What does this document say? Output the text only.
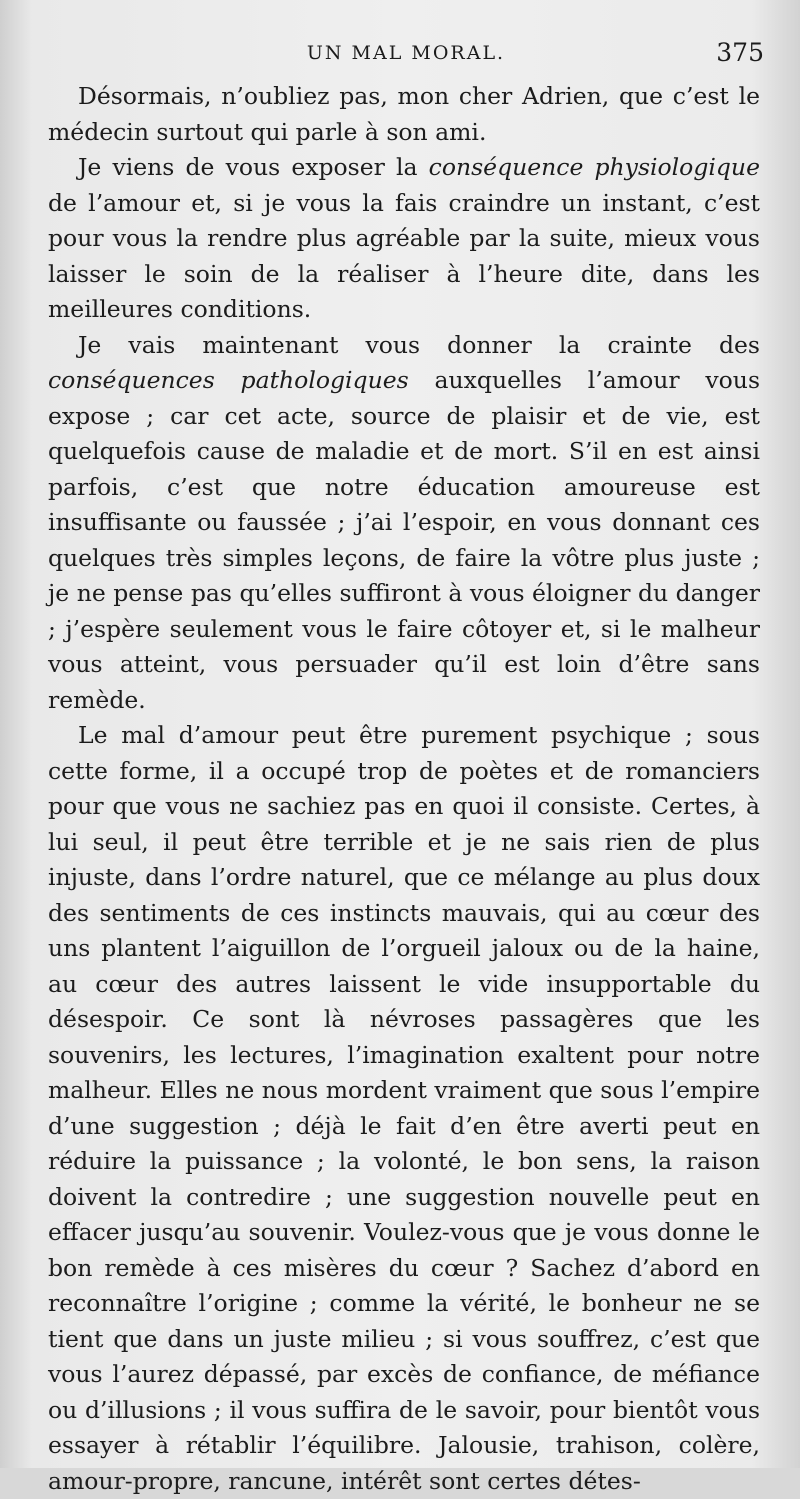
UN MAL MORAL.	375

Désormais, n’oubliez pas, mon cher Adrien, que c’est le médecin surtout qui parle à son ami.

Je viens de vous exposer la conséquence physiologique de l’amour et, si je vous la fais craindre un instant, c’est pour vous la rendre plus agréable par la suite, mieux vous laisser le soin de la réaliser à l’heure dite, dans les meilleures conditions.

Je vais maintenant vous donner la crainte des conséquences pathologiques auxquelles l’amour vous expose ; car cet acte, source de plaisir et de vie, est quelquefois cause de maladie et de mort. S’il en est ainsi parfois, c’est que notre éducation amoureuse est insuffisante ou faussée ; j’ai l’espoir, en vous donnant ces quelques très simples leçons, de faire la vôtre plus juste ; je ne pense pas qu’elles suffiront à vous éloigner du danger ; j’espère seulement vous le faire côtoyer et, si le malheur vous atteint, vous persuader qu’il est loin d’être sans remède.

Le mal d’amour peut être purement psychique ; sous cette forme, il a occupé trop de poètes et de romanciers pour que vous ne sachiez pas en quoi il consiste. Certes, à lui seul, il peut être terrible et je ne sais rien de plus injuste, dans l’ordre naturel, que ce mélange au plus doux des sentiments de ces instincts mauvais, qui au cœur des uns plantent l’aiguillon de l’orgueil jaloux ou de la haine, au cœur des autres laissent le vide insupportable du désespoir. Ce sont là névroses passagères que les souvenirs, les lectures, l’imagination exaltent pour notre malheur. Elles ne nous mordent vraiment que sous l’empire d’une suggestion ; déjà le fait d’en être averti peut en réduire la puissance ; la volonté, le bon sens, la raison doivent la contredire ; une suggestion nouvelle peut en effacer jusqu’au souvenir. Voulez-vous que je vous donne le bon remède à ces misères du cœur ? Sachez d’abord en reconnaître l’origine ; comme la vérité, le bonheur ne se tient que dans un juste milieu ; si vous souffrez, c’est que vous l’aurez dépassé, par excès de confiance, de méfiance ou d’illusions ; il vous suffira de le savoir, pour bientôt vous essayer à rétablir l’équilibre. Jalousie, trahison, colère, amour-propre, rancune, intérêt sont certes détes-
